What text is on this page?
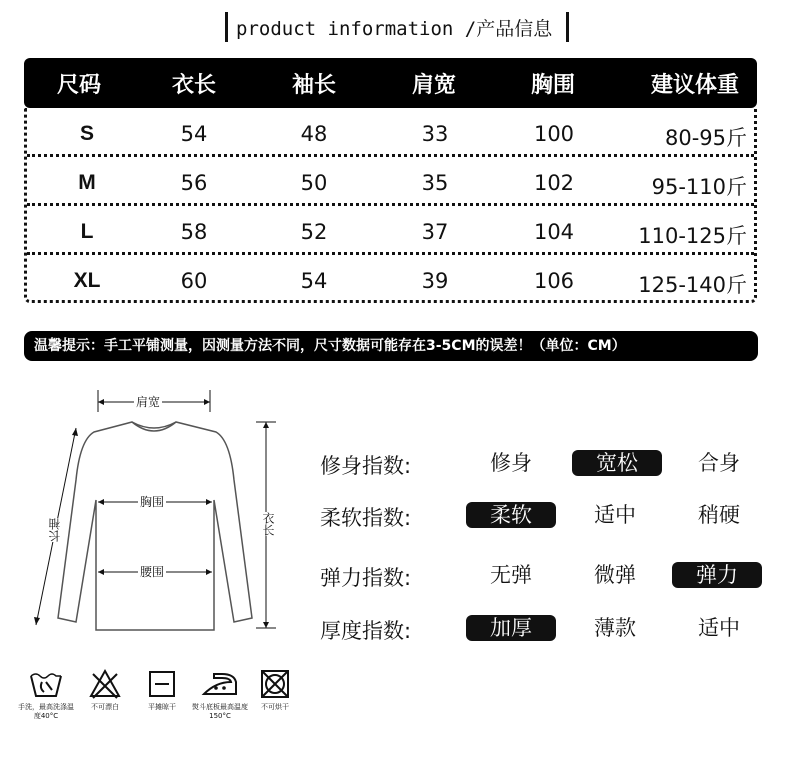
product information /产品信息
尺码	衣长	袖长	肩宽	胸围	建议体重
S	54	48	33	100	80-95斤
M	56	50	35	102	95-110斤
L	58	52	37	104	110-125斤
XL	60	54	39	106	125-140斤
温馨提示：手工平铺测量，因测量方法不同，尺寸数据可能存在3-5CM的误差！（单位：CM）
肩宽
胸围
腰围
长袖	衣长
修身指数:	修身	宽松	合身
柔软指数:	柔软	适中	稍硬
弹力指数:	无弹	微弹	弹力
厚度指数:	加厚	薄款	适中
手洗，最高洗涤温度40°C
不可漂白	平摊晾干	熨斗底板最高温度150°C
不可烘干
